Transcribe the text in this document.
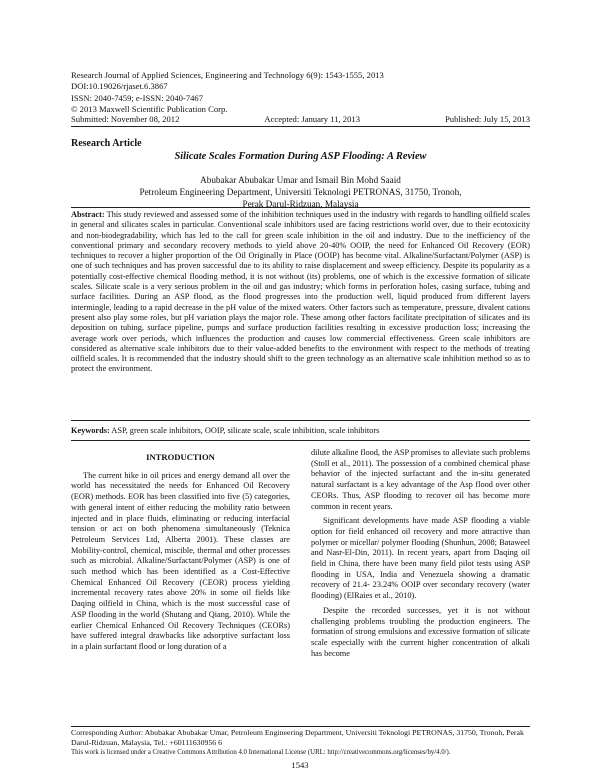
Research Journal of Applied Sciences, Engineering and Technology 6(9): 1543-1555, 2013
DOI:10.19026/rjaset.6.3867
ISSN: 2040-7459; e-ISSN: 2040-7467
© 2013 Maxwell Scientific Publication Corp.
Submitted: November 08, 2012	Accepted: January 11, 2013	Published: July 15, 2013
Research Article
Silicate Scales Formation During ASP Flooding: A Review
Abubakar Abubakar Umar and Ismail Bin Mohd Saaid
Petroleum Engineering Department, Universiti Teknologi PETRONAS, 31750, Tronoh,
Perak Darul-Ridzuan, Malaysia
Abstract: This study reviewed and assessed some of the inhibition techniques used in the industry with regards to handling oilfield scales in general and silicates scales in particular. Conventional scale inhibitors used are facing restrictions world over, due to their ecotoxicity and non-biodegradability, which has led to the call for green scale inhibition in the oil and industry. Due to the inefficiency of the conventional primary and secondary recovery methods to yield above 20-40% OOIP, the need for Enhanced Oil Recovery (EOR) techniques to recover a higher proportion of the Oil Originally in Place (OOIP) has become vital. Alkaline/Surfactant/Polymer (ASP) is one of such techniques and has proven successful due to its ability to raise displacement and sweep efficiency. Despite its popularity as a potentially cost-effective chemical flooding method, it is not without (its) problems, one of which is the excessive formation of silicate scales. Silicate scale is a very serious problem in the oil and gas industry; which forms in perforation holes, casing surface, tubing and surface facilities. During an ASP flood, as the flood progresses into the production well, liquid produced from different layers intermingle, leading to a rapid decrease in the pH value of the mixed waters. Other factors such as temperature, pressure, divalent cations present also play some roles, but pH variation plays the major role. These among other factors facilitate precipitation of silicates and its deposition on tubing, surface pipeline, pumps and surface production facilities resulting in excessive production loss; increasing the average work over periods, which influences the production and causes low commercial effectiveness. Green scale inhibitors are considered as alternative scale inhibitors due to their value-added benefits to the environment with respect to the methods of treating oilfield scales. It is recommended that the industry should shift to the green technology as an alternative scale inhibition method so as to protect the environment.
Keywords: ASP, green scale inhibitors, OOIP, silicate scale, scale inhibition, scale inhibitors
INTRODUCTION

The current hike in oil prices and energy demand all over the world has necessitated the needs for Enhanced Oil Recovery (EOR) methods. EOR has been classified into five (5) categories, with general intent of either reducing the mobility ratio between injected and in place fluids, eliminating or reducing interfacial tension or act on both phenomena simultaneously (Teknica Petroleum Services Ltd, Alberta 2001). These classes are Mobility-control, chemical, miscible, thermal and other processes such as microbial. Alkaline/Surfactant/Polymer (ASP) is one of such method which has been identified as a Cost-Effective Chemical Enhanced Oil Recovery (CEOR) process yielding incremental recovery rates above 20% in some oil fields like Daqing oilfield in China, which is the most successful case of ASP flooding in the world (Shutang and Qiang, 2010). While the earlier Chemical Enhanced Oil Recovery Techniques (CEORs) have suffered integral drawbacks like adsorptive surfactant loss in a plain surfactant flood or long duration of a

dilute alkaline flood, the ASP promises to alleviate such problems (Stoll et al., 2011). The possession of a combined chemical phase behavior of the injected surfactant and the in-situ generated natural surfactant is a key advantage of the Asp flood over other CEORs. Thus, ASP flooding to recover oil has become more common in recent years.

Significant developments have made ASP flooding a viable option for field enhanced oil recovery and more attractive than polymer or micellar/ polymer flooding (Shunhun, 2008; Bataweel and Nasr-El-Din, 2011). In recent years, apart from Daqing oil field in China, there have been many field pilot tests using ASP flooding in USA, India and Venezuela showing a dramatic recovery of 21.4- 23.24% OOIP over secondary recovery (water flooding) (ElRaies et al., 2010).

Despite the recorded successes, yet it is not without challenging problems troubling the production engineers. The formation of strong emulsions and excessive formation of silicate scale especially with the current higher concentration of alkali has become

Corresponding Author: Abubakar Abubakar Umar, Petroleum Engineering Department, Universiti Teknologi PETRONAS, 31750, Tronoh, Perak Darul-Ridzuan, Malaysia, Tel.: +60111630956 6
This work is licensed under a Creative Commons Attribution 4.0 International License (URL: http://creativecommons.org/licenses/by/4.0/).
1543
